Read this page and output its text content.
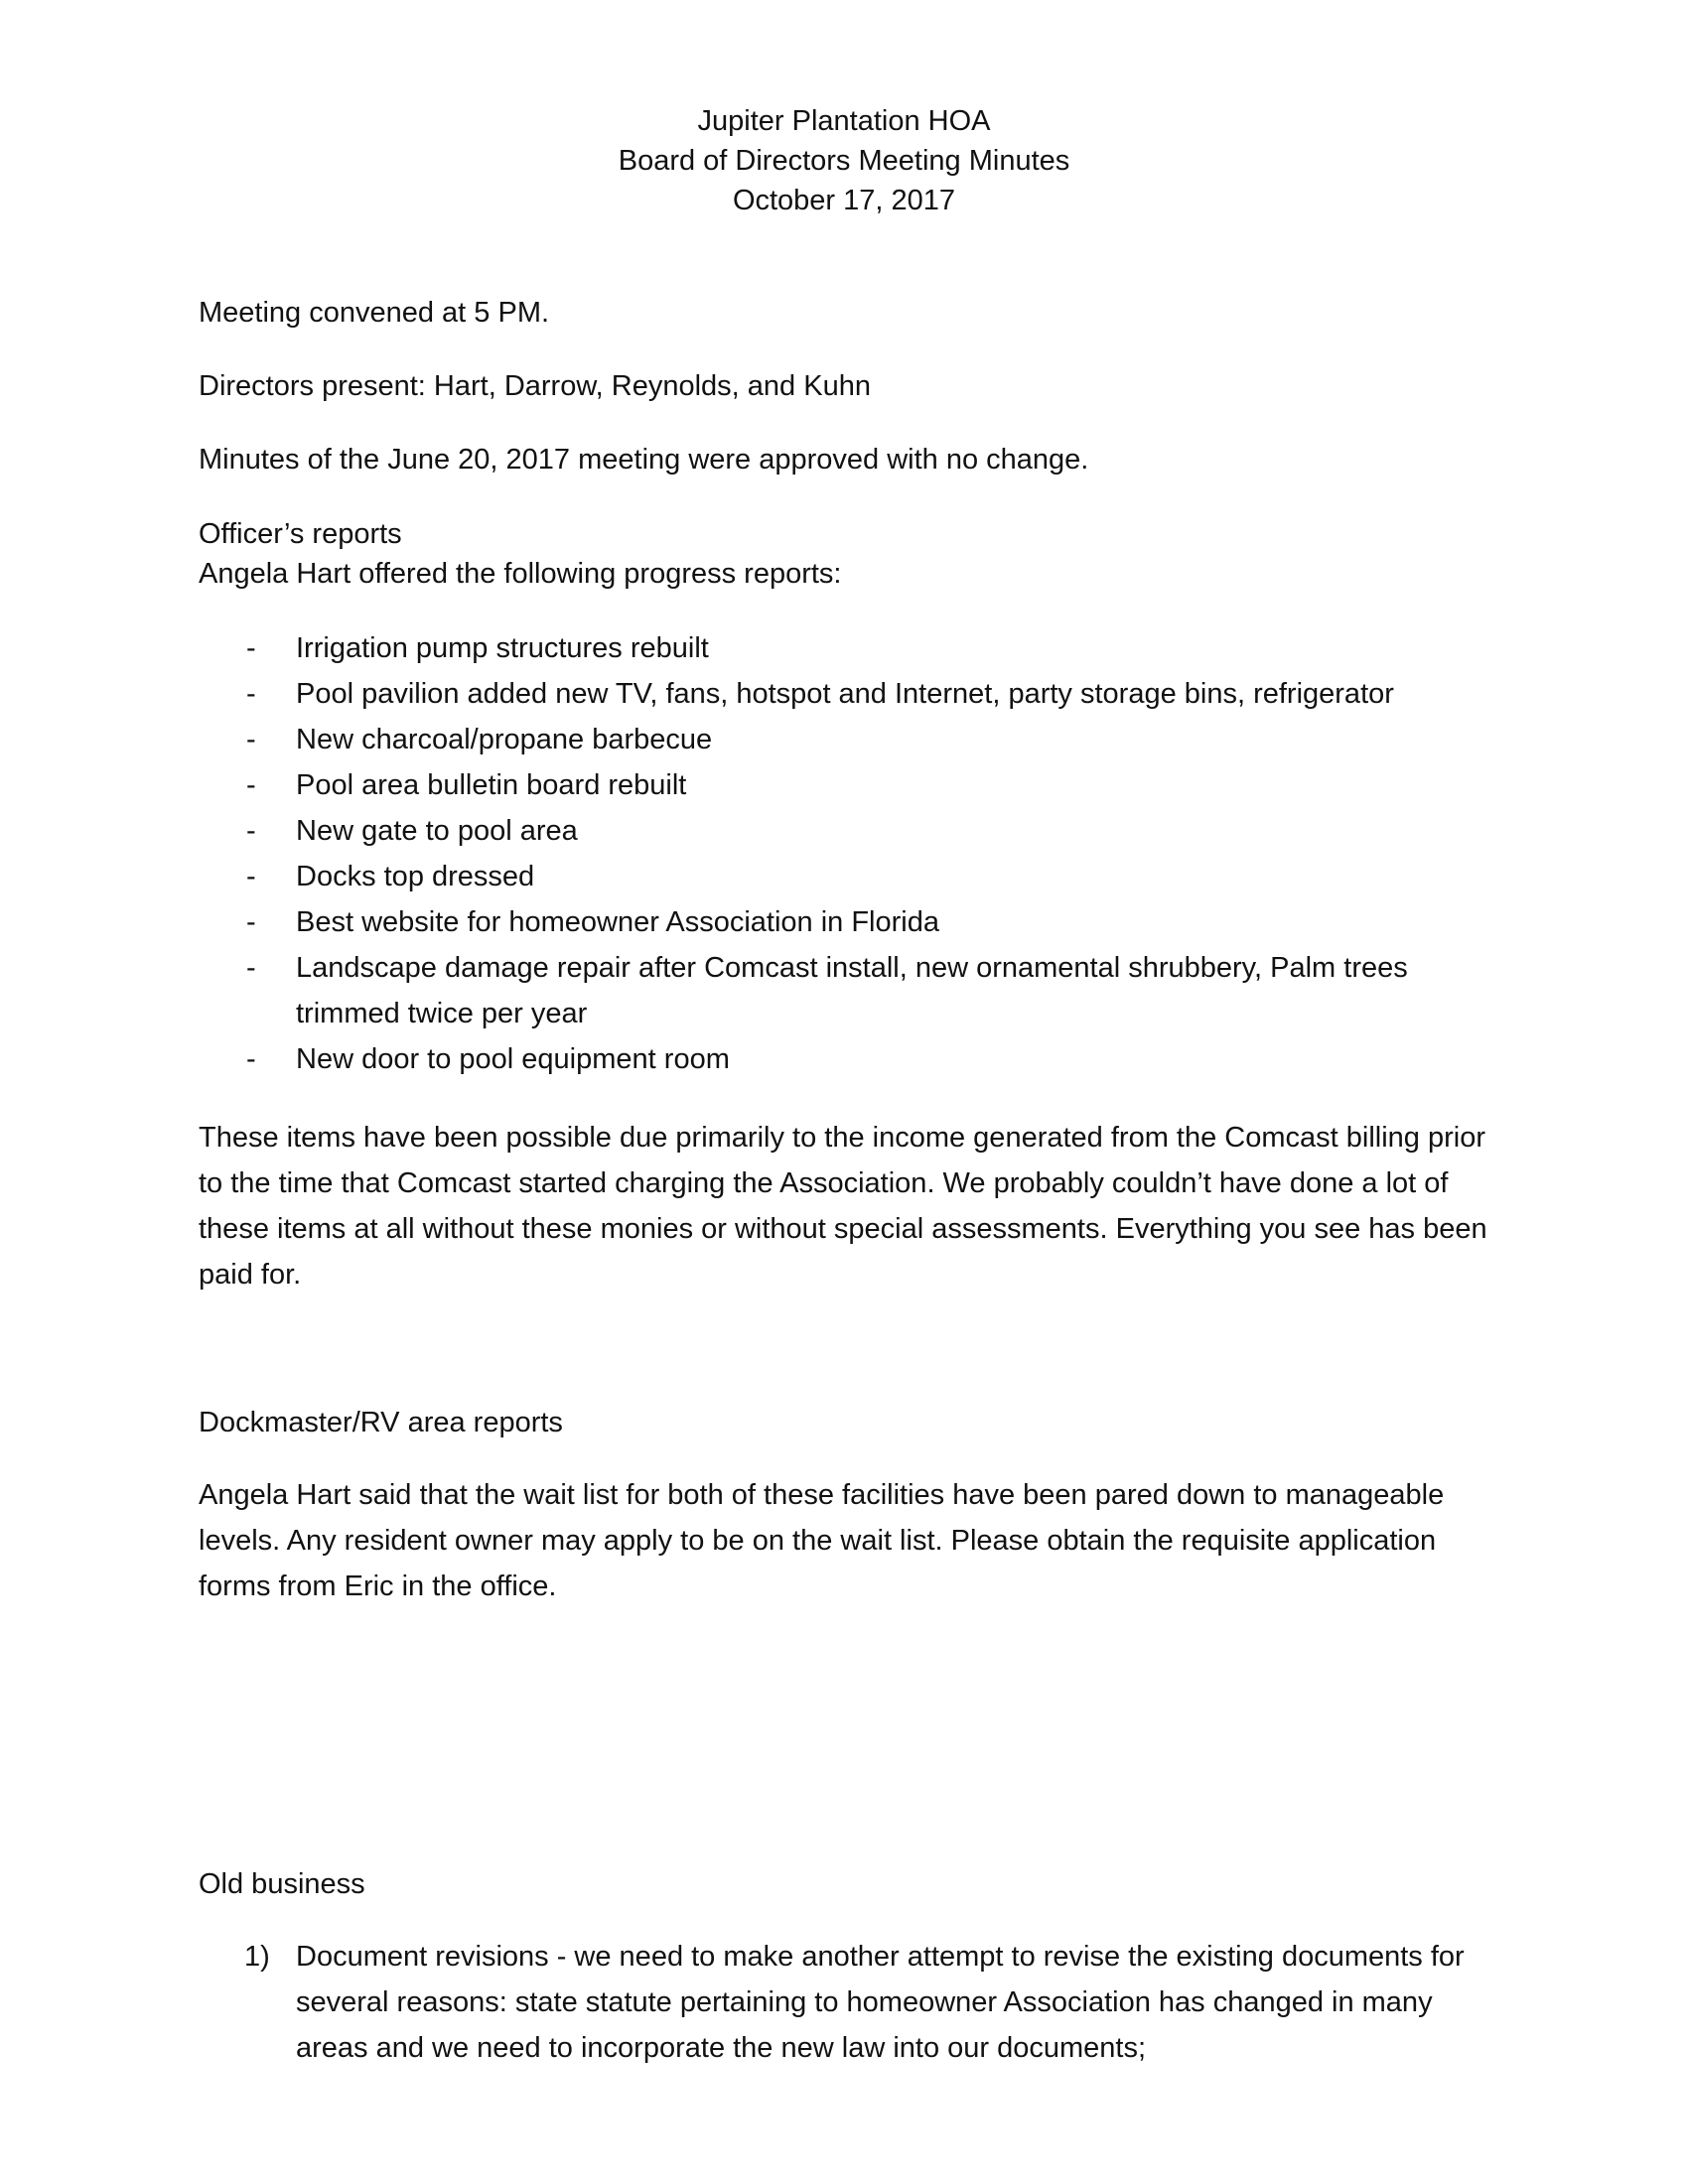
Jupiter Plantation HOA
Board of Directors Meeting Minutes
October 17, 2017

Meeting convened at 5 PM.

Directors present: Hart, Darrow, Reynolds, and Kuhn

Minutes of the June 20, 2017 meeting were approved with no change.

Officer’s reports

Angela Hart offered the following progress reports:

- Irrigation pump structures rebuilt
- Pool pavilion added new TV, fans, hotspot and Internet, party storage bins, refrigerator
- New charcoal/propane barbecue
- Pool area bulletin board rebuilt
- New gate to pool area
- Docks top dressed
- Best website for homeowner Association in Florida
- Landscape damage repair after Comcast install, new ornamental shrubbery, Palm trees trimmed twice per year
- New door to pool equipment room

These items have been possible due primarily to the income generated from the Comcast billing prior to the time that Comcast started charging the Association. We probably couldn’t have done a lot of these items at all without these monies or without special assessments. Everything you see has been paid for.

Dockmaster/RV area reports

Angela Hart said that the wait list for both of these facilities have been pared down to manageable levels. Any resident owner may apply to be on the wait list. Please obtain the requisite application forms from Eric in the office.

Old business

1) Document revisions - we need to make another attempt to revise the existing documents for several reasons: state statute pertaining to homeowner Association has changed in many areas and we need to incorporate the new law into our documents;
